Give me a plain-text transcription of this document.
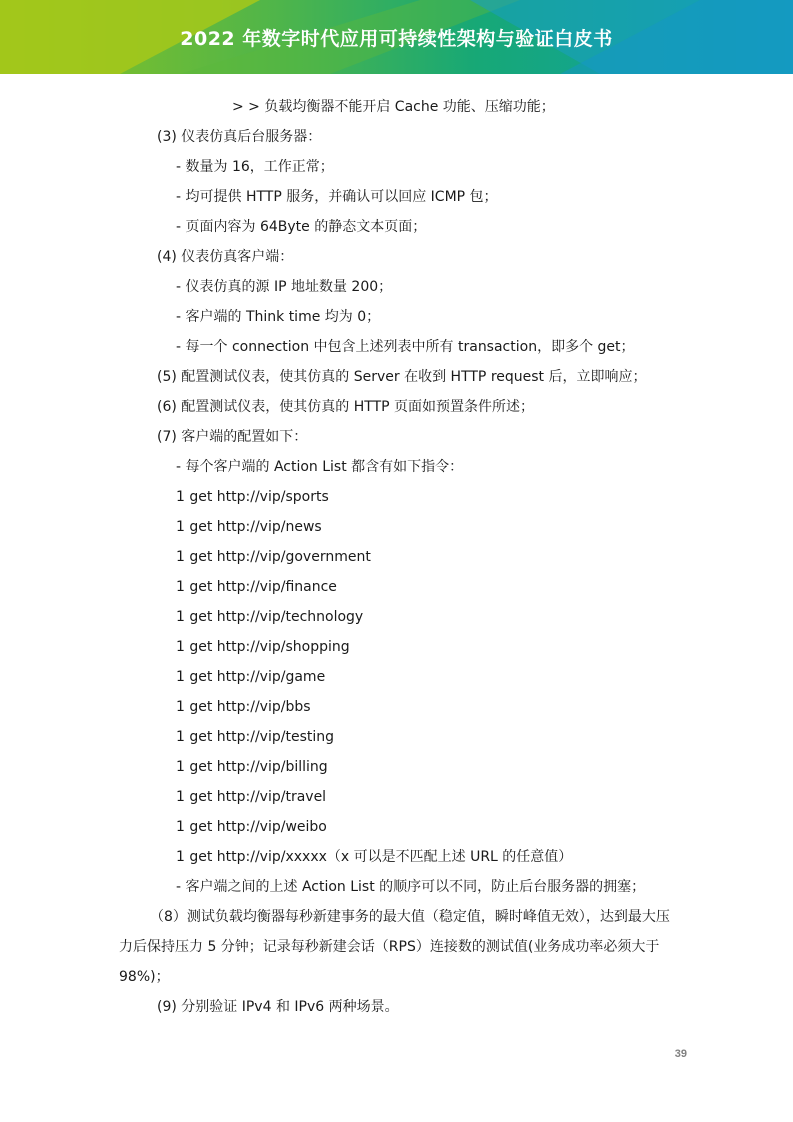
2022 年数字时代应用可持续性架构与验证白皮书
> > 负载均衡器不能开启 Cache 功能、压缩功能；
(3) 仪表仿真后台服务器：
- 数量为 16，工作正常；
- 均可提供 HTTP 服务，并确认可以回应 ICMP 包；
- 页面内容为 64Byte 的静态文本页面；
(4) 仪表仿真客户端：
- 仪表仿真的源 IP 地址数量 200；
- 客户端的 Think time 均为 0；
- 每一个 connection 中包含上述列表中所有 transaction，即多个 get；
(5) 配置测试仪表，使其仿真的 Server 在收到 HTTP request 后，立即响应；
(6) 配置测试仪表，使其仿真的 HTTP 页面如预置条件所述；
(7) 客户端的配置如下：
- 每个客户端的 Action List 都含有如下指令：
1 get http://vip/sports
1 get http://vip/news
1 get http://vip/government
1 get http://vip/finance
1 get http://vip/technology
1 get http://vip/shopping
1 get http://vip/game
1 get http://vip/bbs
1 get http://vip/testing
1 get http://vip/billing
1 get http://vip/travel
1 get http://vip/weibo
1 get http://vip/xxxxx（x 可以是不匹配上述 URL 的任意值）
- 客户端之间的上述 Action List 的顺序可以不同，防止后台服务器的拥塞；
（8）测试负载均衡器每秒新建事务的最大值（稳定值，瞬时峰值无效），达到最大压
力后保持压力 5 分钟；记录每秒新建会话（RPS）连接数的测试值(业务成功率必须大于
98%)；
(9) 分别验证 IPv4 和 IPv6 两种场景。
39
